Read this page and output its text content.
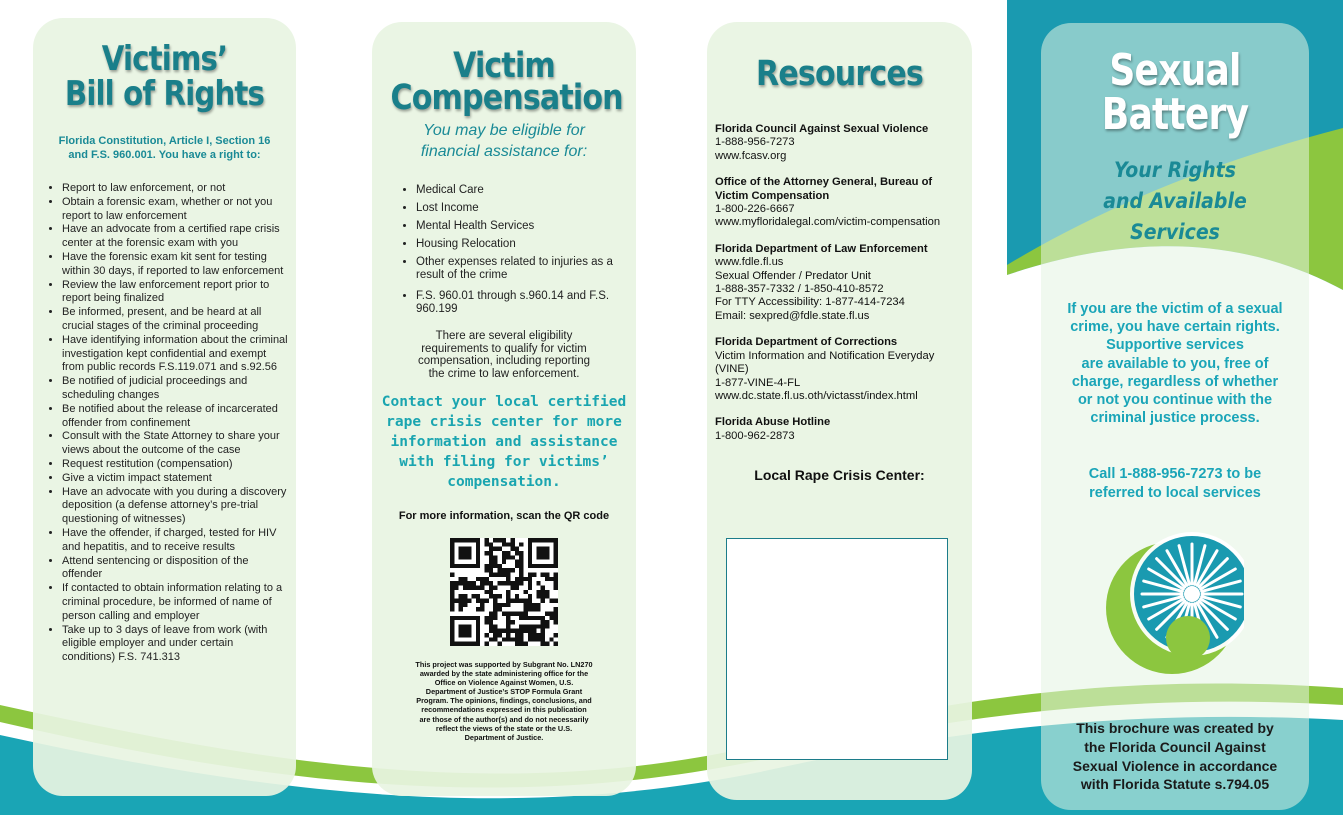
Victims’
Bill of Rights
Florida Constitution, Article I, Section 16
and F.S. 960.001. You have a right to:
• Report to law enforcement, or not
• Obtain a forensic exam, whether or not you report to law enforcement
• Have an advocate from a certified rape crisis center at the forensic exam with you
• Have the forensic exam kit sent for testing within 30 days, if reported to law enforcement
• Review the law enforcement report prior to report being finalized
• Be informed, present, and be heard at all crucial stages of the criminal proceeding
• Have identifying information about the criminal investigation kept confidential and exempt from public records F.S.119.071 and s.92.56
• Be notified of judicial proceedings and scheduling changes
• Be notified about the release of incarcerated offender from confinement
• Consult with the State Attorney to share your views about the outcome of the case
• Request restitution (compensation)
• Give a victim impact statement
• Have an advocate with you during a discovery deposition (a defense attorney’s pre-trial questioning of witnesses)
• Have the offender, if charged, tested for HIV and hepatitis, and to receive results
• Attend sentencing or disposition of the offender
• If contacted to obtain information relating to a criminal procedure, be informed of name of person calling and employer
• Take up to 3 days of leave from work (with eligible employer and under certain conditions) F.S. 741.313
Victim
Compensation
You may be eligible for
financial assistance for:
• Medical Care
• Lost Income
• Mental Health Services
• Housing Relocation
• Other expenses related to injuries as a result of the crime
• F.S. 960.01 through s.960.14 and F.S. 960.199
There are several eligibility
requirements to qualify for victim
compensation, including reporting
the crime to law enforcement.
Contact your local certified
rape crisis center for more
information and assistance
with filing for victims’
compensation.
For more information, scan the QR code
This project was supported by Subgrant No. LN270
awarded by the state administering office for the
Office on Violence Against Women, U.S.
Department of Justice’s STOP Formula Grant
Program. The opinions, findings, conclusions, and
recommendations expressed in this publication
are those of the author(s) and do not necessarily
reflect the views of the state or the U.S.
Department of Justice.
Resources
Florida Council Against Sexual Violence
1-888-956-7273
www.fcasv.org
Office of the Attorney General, Bureau of Victim Compensation
1-800-226-6667
www.myfloridalegal.com/victim-compensation
Florida Department of Law Enforcement
www.fdle.fl.us
Sexual Offender / Predator Unit
1-888-357-7332 / 1-850-410-8572
For TTY Accessibility: 1-877-414-7234
Email: sexpred@fdle.state.fl.us
Florida Department of Corrections
Victim Information and Notification Everyday (VINE)
1-877-VINE-4-FL
www.dc.state.fl.us.oth/victasst/index.html
Florida Abuse Hotline
1-800-962-2873
Local Rape Crisis Center:
Sexual
Battery
Your Rights
and Available
Services
If you are the victim of a sexual
crime, you have certain rights.
Supportive services
are available to you, free of
charge, regardless of whether
or not you continue with the
criminal justice process.
Call 1-888-956-7273 to be
referred to local services
This brochure was created by
the Florida Council Against
Sexual Violence in accordance
with Florida Statute s.794.05
